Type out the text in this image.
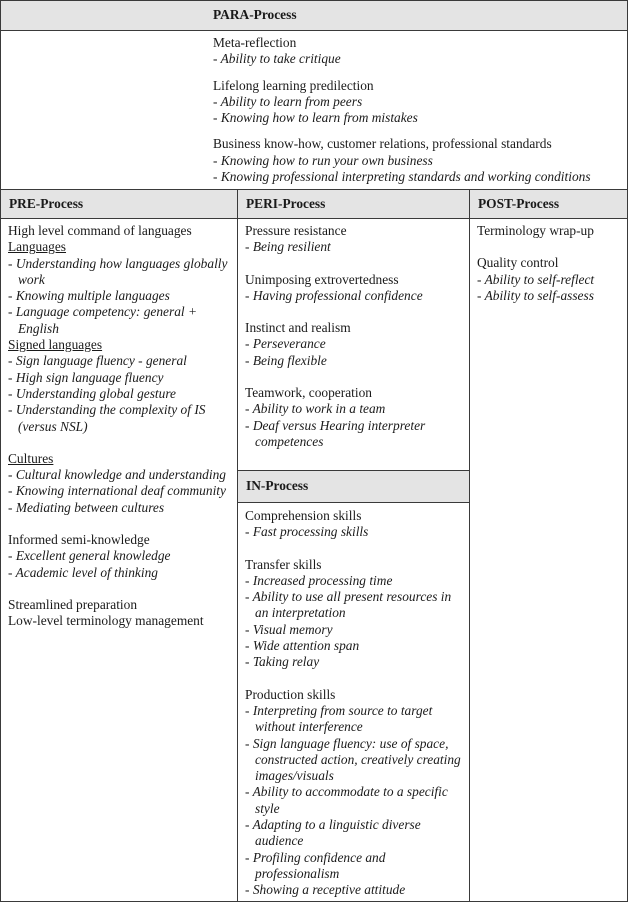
PARA-Process
Meta-reflection
- Ability to take critique
Lifelong learning predilection
- Ability to learn from peers
- Knowing how to learn from mistakes
Business know-how, customer relations, professional standards
- Knowing how to run your own business
- Knowing professional interpreting standards and working conditions
PRE-Process	PERI-Process	POST-Process
High level command of languages
Languages
- Understanding how languages globally work
- Knowing multiple languages
- Language competency: general + English
Signed languages
- Sign language fluency - general
- High sign language fluency
- Understanding global gesture
- Understanding the complexity of IS (versus NSL)
Cultures
- Cultural knowledge and understanding
- Knowing international deaf community
- Mediating between cultures
Informed semi-knowledge
- Excellent general knowledge
- Academic level of thinking
Streamlined preparation
Low-level terminology management
Pressure resistance
- Being resilient
Unimposing extrovertedness
- Having professional confidence
Instinct and realism
- Perseverance
- Being flexible
Teamwork, cooperation
- Ability to work in a team
- Deaf versus Hearing interpreter competences
IN-Process
Comprehension skills
- Fast processing skills
Transfer skills
- Increased processing time
- Ability to use all present resources in an interpretation
- Visual memory
- Wide attention span
- Taking relay
Production skills
- Interpreting from source to target without interference
- Sign language fluency: use of space, constructed action, creatively creating images/visuals
- Ability to accommodate to a specific style
- Adapting to a linguistic diverse audience
- Profiling confidence and professionalism
- Showing a receptive attitude
Terminology wrap-up
Quality control
- Ability to self-reflect
- Ability to self-assess
